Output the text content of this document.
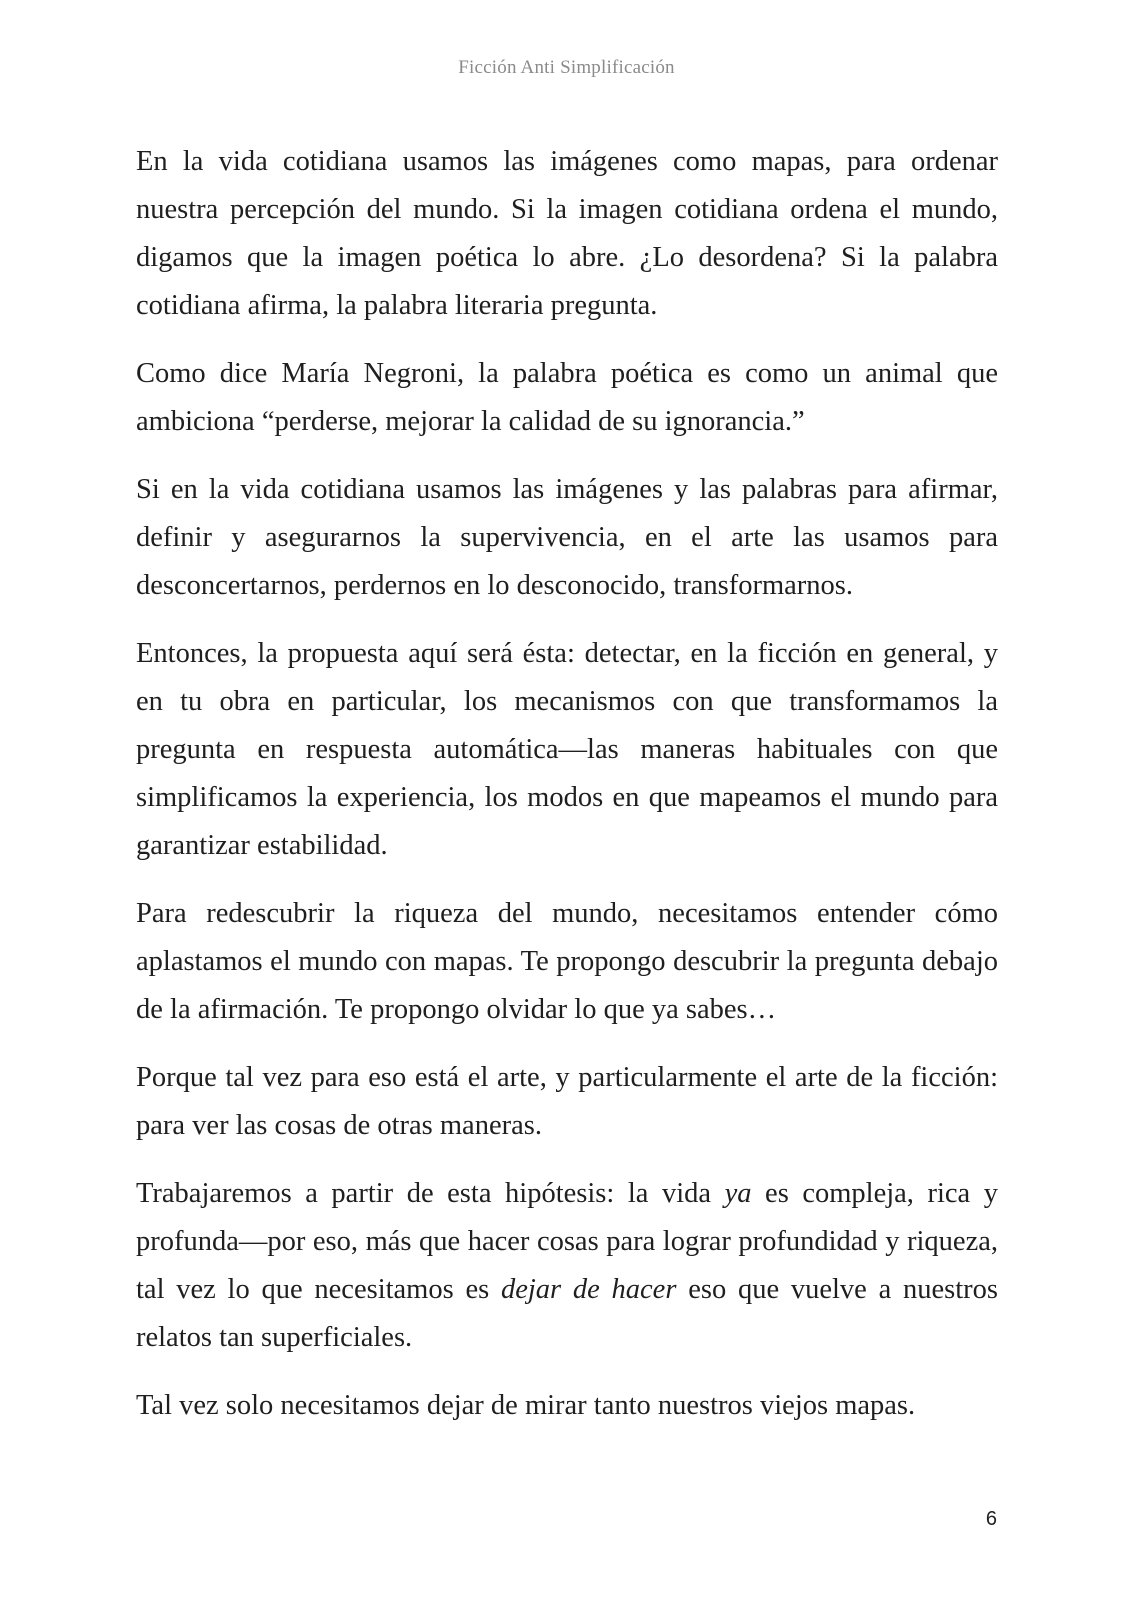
Ficción Anti Simplificación

En la vida cotidiana usamos las imágenes como mapas, para ordenar nuestra percepción del mundo. Si la imagen cotidiana ordena el mundo, digamos que la imagen poética lo abre. ¿Lo desordena? Si la palabra cotidiana afirma, la palabra literaria pregunta.

Como dice María Negroni, la palabra poética es como un animal que ambiciona “perderse, mejorar la calidad de su ignorancia.”

Si en la vida cotidiana usamos las imágenes y las palabras para afirmar, definir y asegurarnos la supervivencia, en el arte las usamos para desconcertarnos, perdernos en lo desconocido, transformarnos.

Entonces, la propuesta aquí será ésta: detectar, en la ficción en general, y en tu obra en particular, los mecanismos con que transformamos la pregunta en respuesta automática—las maneras habituales con que simplificamos la experiencia, los modos en que mapeamos el mundo para garantizar estabilidad.

Para redescubrir la riqueza del mundo, necesitamos entender cómo aplastamos el mundo con mapas. Te propongo descubrir la pregunta debajo de la afirmación. Te propongo olvidar lo que ya sabes…

Porque tal vez para eso está el arte, y particularmente el arte de la ficción: para ver las cosas de otras maneras.

Trabajaremos a partir de esta hipótesis: la vida ya es compleja, rica y profunda—por eso, más que hacer cosas para lograr profundidad y riqueza, tal vez lo que necesitamos es dejar de hacer eso que vuelve a nuestros relatos tan superficiales.

Tal vez solo necesitamos dejar de mirar tanto nuestros viejos mapas.

6
